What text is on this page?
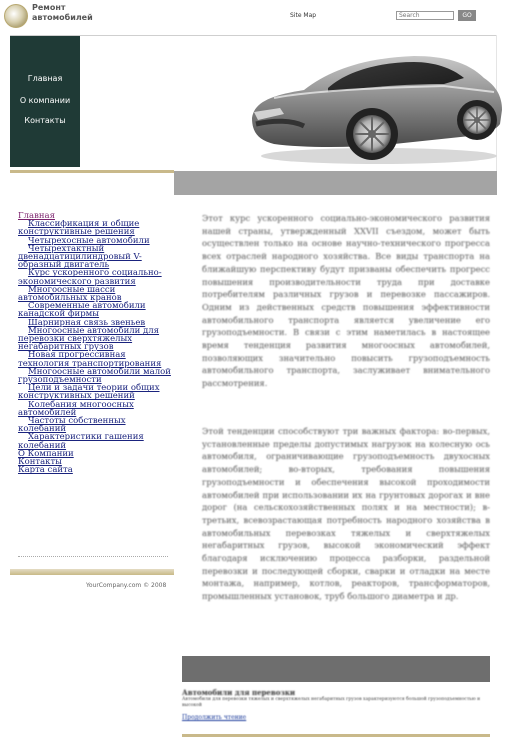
Ремонт
автомобилей	Site Map
Search	GO
Главная
О компании
Контакты
Главная
Классификация и общие конструктивные решения
Четырехосные автомобили
Четырехтактный двенадцатицилиндровый V-образный двигатель
Курс ускоренного социально-экономического развития
Многоосные шасси автомобильных кранов
Современные автомобили канадской фирмы
Шарнирная связь звеньев
Многоосные автомобили для перевозки сверхтяжелых негабаритных грузов
Новая прогрессивная технология транспортирования
Многоосные автомобили малой грузоподъемности
Цели и задачи теории общих конструктивных решений
Колебания многоосных автомобилей
Частоты собственных колебаний
Характеристики гашения колебаний
О Компании
Контакты
Карта сайта
YourCompany.com © 2008
Этот курс ускоренного социально-экономического развития нашей страны, утвержденный XXVII съездом, может быть осуществлен только на основе научно-технического прогресса всех отраслей народного хозяйства. Все виды транспорта на ближайшую перспективу будут призваны обеспечить прогресс повышения производительности труда при доставке потребителям различных грузов и перевозке пассажиров. Одним из действенных средств повышения эффективности автомобильного транспорта является увеличение его грузоподъемности. В связи с этим наметилась в настоящее время тенденция развития многоосных автомобилей, позволяющих значительно повысить грузоподъемность автомобильного транспорта, заслуживает внимательного рассмотрения.
Этой тенденции способствуют три важных фактора: во-первых, установленные пределы допустимых нагрузок на колесную ось автомобиля, ограничивающие грузоподъемность двухосных автомобилей; во-вторых, требования повышения грузоподъемности и обеспечения высокой проходимости автомобилей при использовании их на грунтовых дорогах и вне дорог (на сельскохозяйственных полях и на местности); в-третьих, всевозрастающая потребность народного хозяйства в автомобильных перевозках тяжелых и сверхтяжелых негабаритных грузов, высокой экономический эффект благодаря исключению процесса разборки, раздельной перевозки и последующей сборки, сварки и отладки на месте монтажа, например, котлов, реакторов, трансформаторов, промышленных установок, труб большого диаметра и др.
Автомобили для перевозки
Автомобили для перевозки тяжелых и сверхтяжелых негабаритных грузов характеризуются большой грузоподъемностью и высокой
Продолжить чтение
